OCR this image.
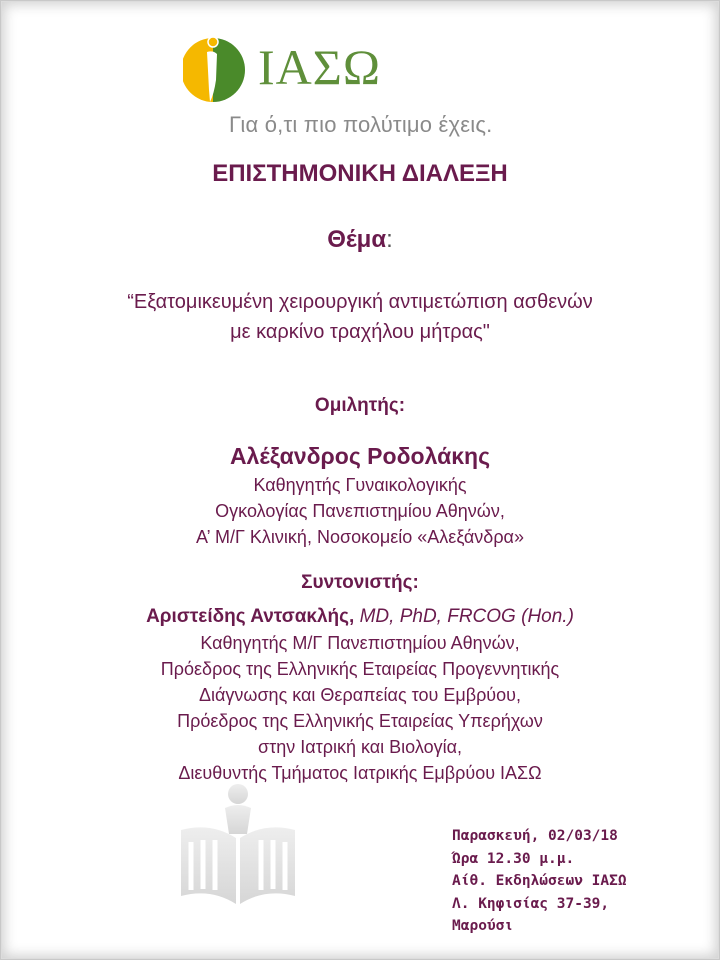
ΙΑΣΩ
Για ό,τι πιο πολύτιμο έχεις.
ΕΠΙΣΤΗΜΟΝΙΚΗ ΔΙΑΛΕΞΗ
Θέμα:
“Εξατομικευμένη χειρουργική αντιμετώπιση ασθενών
με καρκίνο τραχήλου μήτρας"
Ομιλητής:
Αλέξανδρος Ροδολάκης
Καθηγητής Γυναικολογικής
Ογκολογίας Πανεπιστημίου Αθηνών,
Α’ Μ/Γ Κλινική, Νοσοκομείο «Αλεξάνδρα»
Συντονιστής:
Αριστείδης Αντσακλής, MD, PhD, FRCOG (Hon.)
Καθηγητής Μ/Γ Πανεπιστημίου Αθηνών,
Πρόεδρος της Ελληνικής Εταιρείας Προγεννητικής
Διάγνωσης και Θεραπείας του Εμβρύου,
Πρόεδρος της Ελληνικής Εταιρείας Υπερήχων
στην Ιατρική και Βιολογία,
Διευθυντής Τμήματος Ιατρικής Εμβρύου ΙΑΣΩ
Παρασκευή, 02/03/18
Ώρα 12.30 μ.μ.
Αίθ. Εκδηλώσεων ΙΑΣΩ
Λ. Κηφισίας 37-39,
Μαρούσι
